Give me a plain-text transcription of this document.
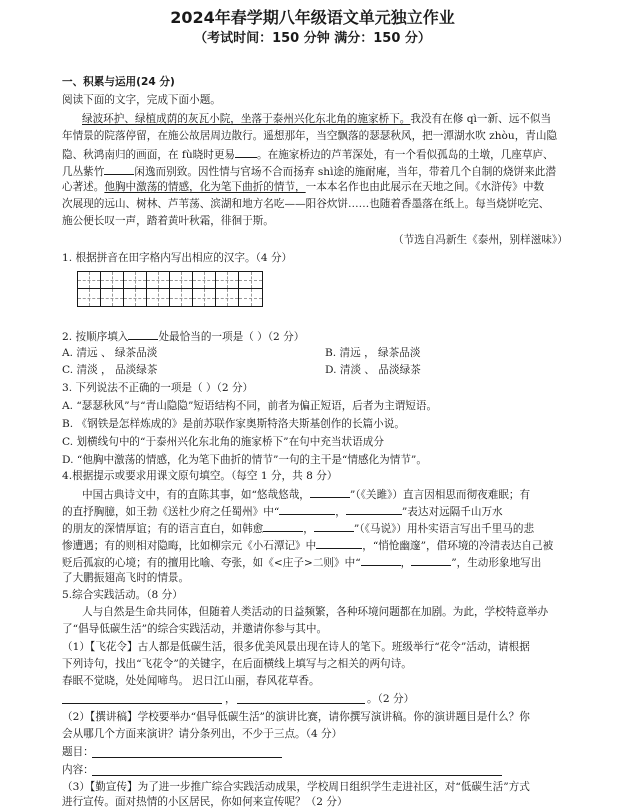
2024年春学期八年级语文单元独立作业
（考试时间：150 分钟 满分：150 分）
一、积累与运用(24 分)
阅读下面的文字，完成下面小题。
绿波环护、绿植成荫的灰瓦小院，坐落于泰州兴化东北角的施家桥下。我没有在修 qì一新、远不似当
年情景的院落停留，在施公故居周边散行。遥想那年，当空飘落的瑟瑟秋风，把一潭湖水吹 zhòu，青山隐
隐、秋鸿南归的画面，在 fù晓时更易 。在施家桥边的芦苇深处，有一个看似孤岛的土墩，几座草庐、
几丛紫竹	闲逸而别致。因性情与官场不合而扬弃 shì途的施耐庵，当年，带着几个自制的烧饼来此潜
心著述。他胸中激荡的情感，化为笔下曲折的情节，一本本名作也由此展示在天地之间。《水浒传》中数
次展现的远山、树林、芦苇荡、滨湖和地方名吃——阳谷炊饼……也随着香墨落在纸上。每当烧饼吃完、
施公便长叹一声，踏着黄叶秋霜，徘徊于斯。
（节选自冯新生《泰州，别样滋味》）
1. 根据拼音在田字格内写出相应的汉字。（4 分）
2. 按顺序填入	处最恰当的一项是（ ）（2 分）
A. 清远 、 绿茶品淡	B. 清远 ， 绿茶品淡
C. 清淡 ， 品淡绿茶	D. 清淡 、 品淡绿茶
3. 下列说法不正确的一项是（ ）（2 分）
A. “瑟瑟秋风”与“青山隐隐”短语结构不同，前者为偏正短语，后者为主谓短语。
B. 《钢铁是怎样炼成的》是前苏联作家奥斯特洛夫斯基创作的长篇小说。
C. 划横线句中的“于泰州兴化东北角的施家桥下”在句中充当状语成分
D. “他胸中激荡的情感，化为笔下曲折的情节”一句的主干是“情感化为情节”。
4.根据提示或要求用课文原句填空。（每空 1 分，共 8 分）
中国古典诗文中，有的直陈其事，如“悠哉悠哉，	”（《关雎》）直言因相思而彻夜难眠；有
的直抒胸臆，如王勃《送杜少府之任蜀州》中“	，	”表达对远隔千山万水
的朋友的深情厚谊；有的语言直白，如韩愈	，	”（《马说》）用朴实语言写出千里马的悲
惨遭遇；有的则相对隐晦，比如柳宗元《小石潭记》中	，“悄怆幽邃”，借环境的冷清表达自己被
贬后孤寂的心境；有的擅用比喻、夸张，如《<庄子>二则》中“	，	”，生动形象地写出
了大鹏振翅高飞时的情景。
5.综合实践活动。（8 分）
人与自然是生命共同体，但随着人类活动的日益频繁，各种环境问题都在加剧。为此，学校特意举办
了“倡导低碳生活”的综合实践活动，并邀请你参与其中。
（1）【飞花令】古人都是低碳生活，很多优美风景出现在诗人的笔下。班级举行“花令”活动，请根据
下列诗句，找出“飞花令”的关键字，在后面横线上填写与之相关的两句诗。
春眠不觉晓，处处闻啼鸟。 迟日江山丽，春风花草香。
，	。（2 分）
（2）【撰讲稿】学校要举办“倡导低碳生活”的演讲比赛，请你撰写演讲稿。你的演讲题目是什么？你
会从哪几个方面来演讲？请分条列出，不少于三点。（4 分）
题目：
内容：
（3）【勤宣传】为了进一步推广综合实践活动成果，学校周日组织学生走进社区，对“低碳生活”方式
进行宣传。面对热情的小区居民，你如何来宣传呢？（2 分）
